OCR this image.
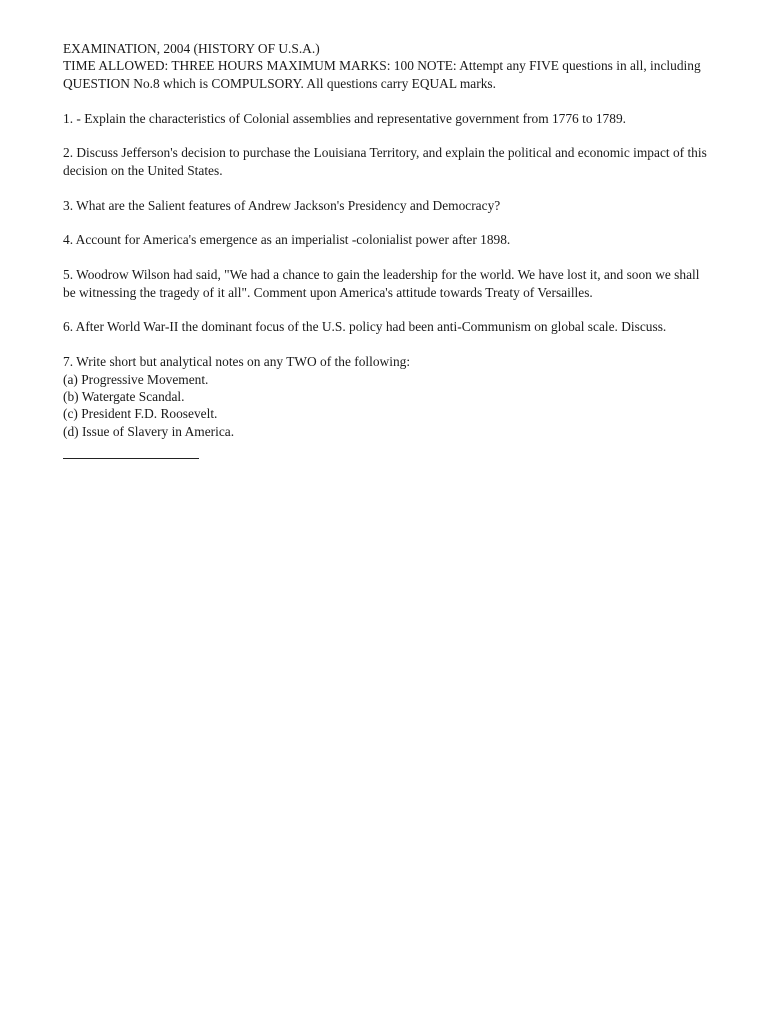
EXAMINATION, 2004 (HISTORY OF U.S.A.)
TIME ALLOWED: THREE HOURS MAXIMUM MARKS: 100 NOTE: Attempt any FIVE questions in all, including QUESTION No.8 which is COMPULSORY. All questions carry EQUAL marks.
1. - Explain the characteristics of Colonial assemblies and representative government from 1776 to 1789.
2. Discuss Jefferson's decision to purchase the Louisiana Territory, and explain the political and economic impact of this decision on the United States.
3. What are the Salient features of Andrew Jackson's Presidency and Democracy?
4. Account for America's emergence as an imperialist -colonialist power after 1898.
5. Woodrow Wilson had said, "We had a chance to gain the leadership for the world. We have lost it, and soon we shall be witnessing the tragedy of it all". Comment upon America's attitude towards Treaty of Versailles.
6. After World War-II the dominant focus of the U.S. policy had been anti-Communism on global scale. Discuss.
7. Write short but analytical notes on any TWO of the following:
(a) Progressive Movement.
(b) Watergate Scandal.
(c) President F.D. Roosevelt.
(d) Issue of Slavery in America.
